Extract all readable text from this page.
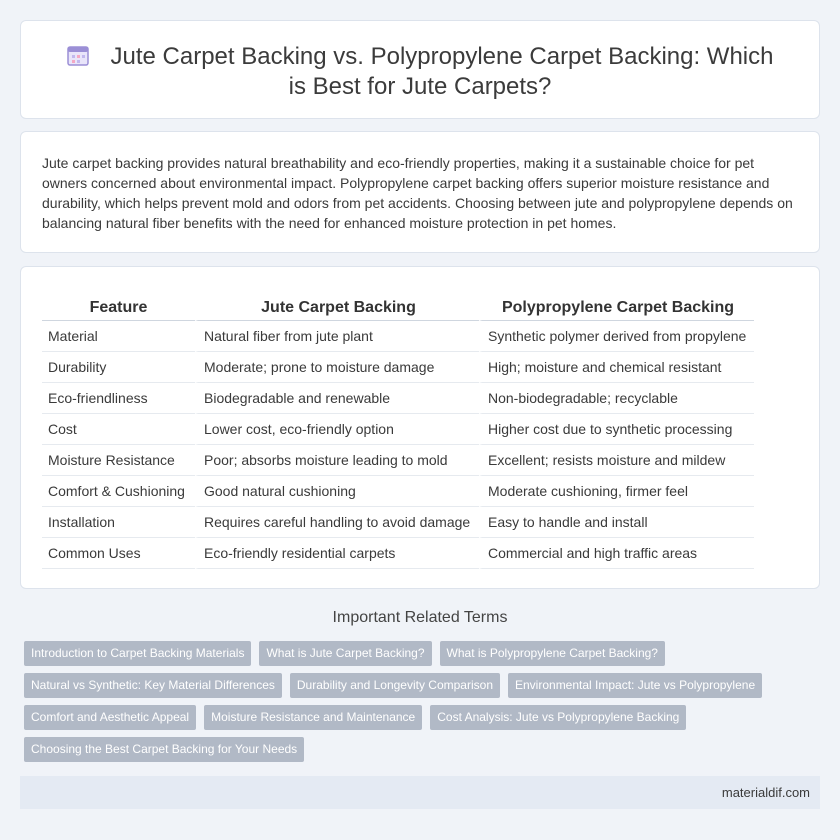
Jute Carpet Backing vs. Polypropylene Carpet Backing: Which is Best for Jute Carpets?

Jute carpet backing provides natural breathability and eco-friendly properties, making it a sustainable choice for pet owners concerned about environmental impact. Polypropylene carpet backing offers superior moisture resistance and durability, which helps prevent mold and odors from pet accidents. Choosing between jute and polypropylene depends on balancing natural fiber benefits with the need for enhanced moisture protection in pet homes.

Feature	Jute Carpet Backing	Polypropylene Carpet Backing
Material	Natural fiber from jute plant	Synthetic polymer derived from propylene
Durability	Moderate; prone to moisture damage	High; moisture and chemical resistant
Eco-friendliness	Biodegradable and renewable	Non-biodegradable; recyclable
Cost	Lower cost, eco-friendly option	Higher cost due to synthetic processing
Moisture Resistance	Poor; absorbs moisture leading to mold	Excellent; resists moisture and mildew
Comfort & Cushioning	Good natural cushioning	Moderate cushioning, firmer feel
Installation	Requires careful handling to avoid damage	Easy to handle and install
Common Uses	Eco-friendly residential carpets	Commercial and high traffic areas
Important Related Terms
Introduction to Carpet Backing Materials	What is Jute Carpet Backing?	What is Polypropylene Carpet Backing?
Natural vs Synthetic: Key Material Differences	Durability and Longevity Comparison	Environmental Impact: Jute vs Polypropylene
Comfort and Aesthetic Appeal	Moisture Resistance and Maintenance	Cost Analysis: Jute vs Polypropylene Backing
Choosing the Best Carpet Backing for Your Needs
materialdif.com
